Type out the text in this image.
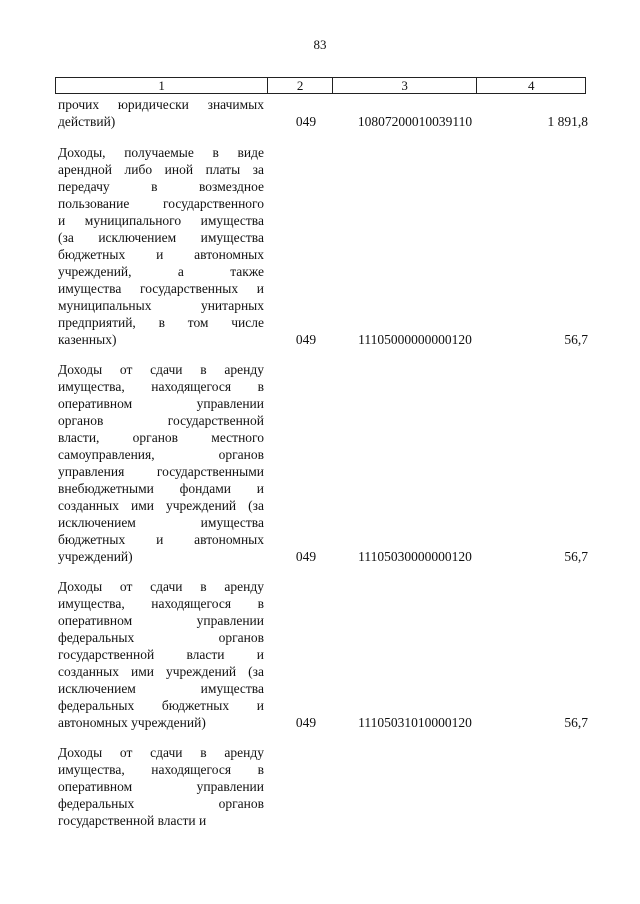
83
1	2	3	4
прочих юридически значимых
действий)	049	10807200010039110	1 891,8
Доходы, получаемые в виде
арендной либо иной платы за
передачу в возмездное
пользование государственного
и муниципального имущества
(за исключением имущества
бюджетных и автономных
учреждений, а также
имущества государственных и
муниципальных унитарных
предприятий, в том числе
казенных)	049	11105000000000120	56,7
Доходы от сдачи в аренду
имущества, находящегося в
оперативном управлении
органов государственной
власти, органов местного
самоуправления, органов
управления государственными
внебюджетными фондами и
созданных ими учреждений (за
исключением имущества
бюджетных и автономных
учреждений)	049	11105030000000120	56,7
Доходы от сдачи в аренду
имущества, находящегося в
оперативном управлении
федеральных органов
государственной власти и
созданных ими учреждений (за
исключением имущества
федеральных бюджетных и
автономных учреждений)	049	11105031010000120	56,7
Доходы от сдачи в аренду
имущества, находящегося в
оперативном управлении
федеральных органов
государственной власти и
